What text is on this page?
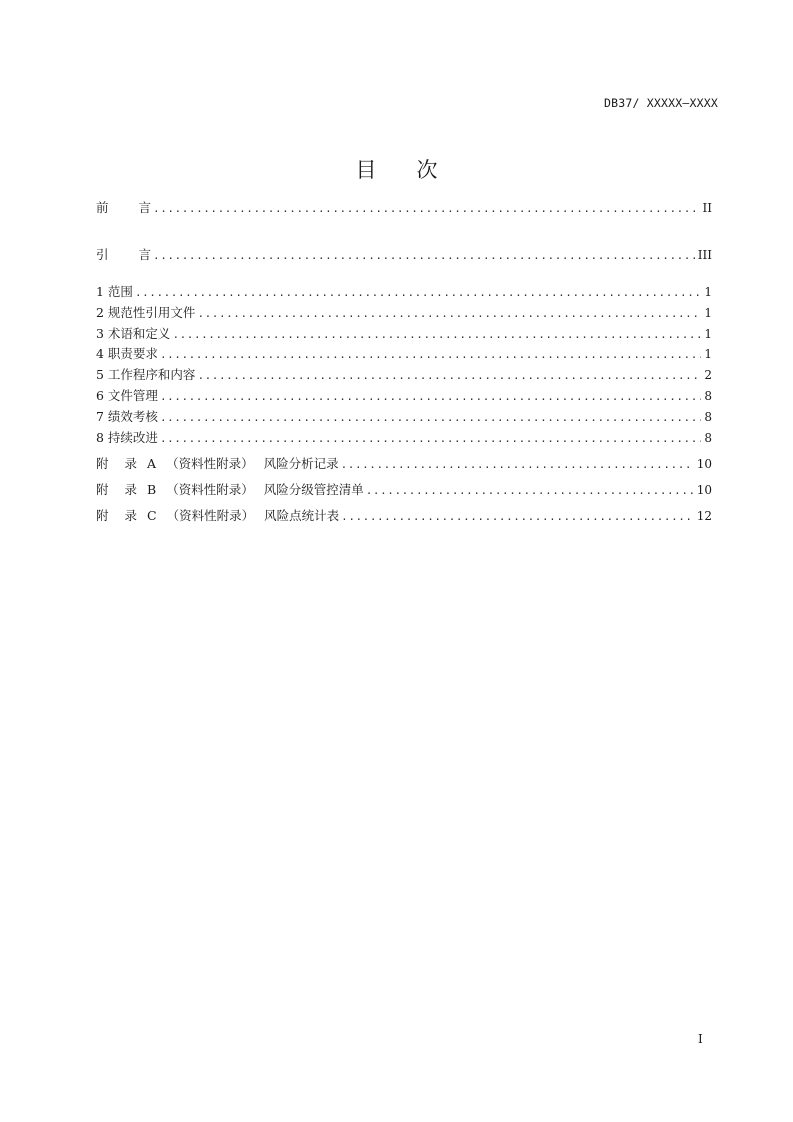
DB37/ XXXXX—XXXX
目 次
前 言 .....	II
引 言 .....	III
1 范围 .....	1
2 规范性引用文件 .....	1
3 术语和定义 .....	1
4 职责要求 .....	1
5 工作程序和内容 .....	2
6 文件管理 .....	8
7 绩效考核 .....	8
8 持续改进 .....	8
附 录 A （资料性附录） 风险分析记录 .....	10
附 录 B （资料性附录） 风险分级管控清单 .....	10
附 录 C （资料性附录） 风险点统计表 .....	12
I
